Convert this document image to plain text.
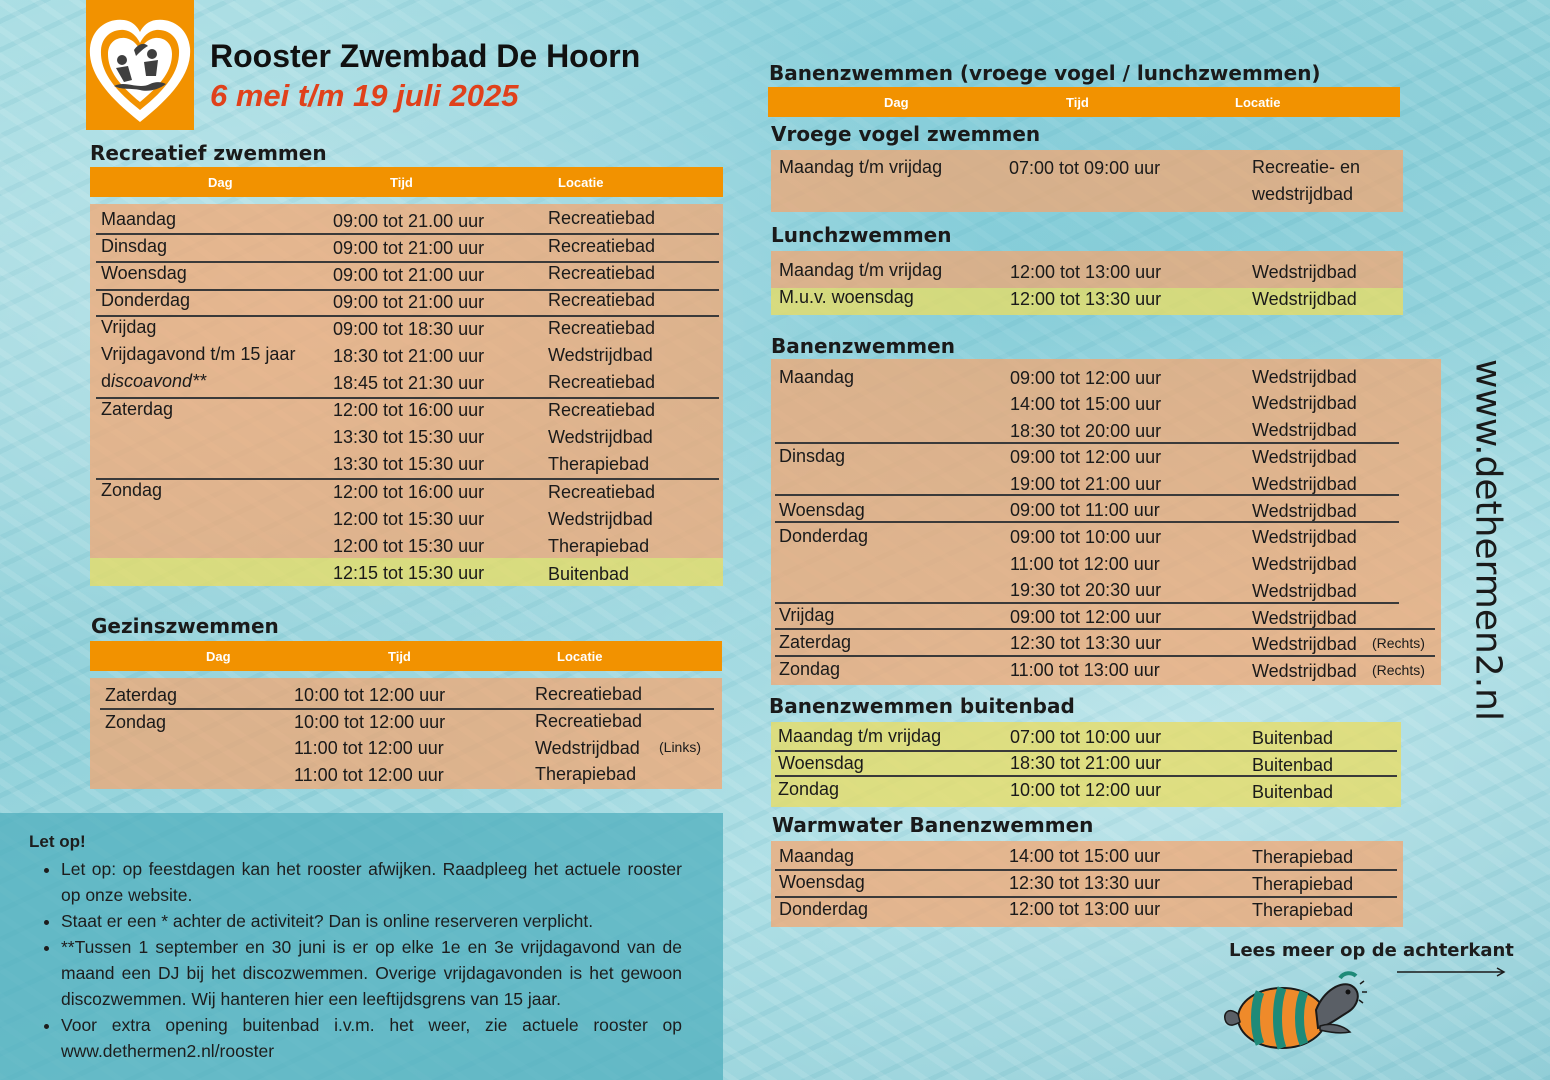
Rooster Zwembad De Hoorn
6 mei t/m 19 juli 2025
Recreatief zwemmen
Dag	Tijd	Locatie
Maandag	09:00 tot 21.00 uur	Recreatiebad
Dinsdag	09:00 tot 21:00 uur	Recreatiebad
Woensdag	09:00 tot 21:00 uur	Recreatiebad
Donderdag	09:00 tot 21:00 uur	Recreatiebad
Vrijdag	09:00 tot 18:30 uur	Recreatiebad
Vrijdagavond t/m 15 jaar 18:30 tot 21:00 uur	Wedstrijdbad
discoavond**	18:45 tot 21:30 uur	Recreatiebad
Zaterdag	12:00 tot 16:00 uur	Recreatiebad
13:30 tot 15:30 uur	Wedstrijdbad
13:30 tot 15:30 uur	Therapiebad
Zondag	12:00 tot 16:00 uur	Recreatiebad
12:00 tot 15:30 uur	Wedstrijdbad
12:00 tot 15:30 uur	Therapiebad
12:15 tot 15:30 uur	Buitenbad
Gezinszwemmen
Dag	Tijd	Locatie
Zaterdag	10:00 tot 12:00 uur	Recreatiebad
Zondag	10:00 tot 12:00 uur	Recreatiebad
11:00 tot 12:00 uur	Wedstrijdbad (Links)
11:00 tot 12:00 uur	Therapiebad
Let op!
• Let op: op feestdagen kan het rooster afwijken. Raadpleeg het actuele rooster op onze website.
• Staat er een * achter de activiteit? Dan is online reserveren verplicht.
• **Tussen 1 september en 30 juni is er op elke 1e en 3e vrijdagavond van de maand een DJ bij het discozwemmen. Overige vrijdagavonden is het gewoon discozwemmen. Wij hanteren hier een leeftijdsgrens van 15 jaar.
• Voor extra opening buitenbad i.v.m. het weer, zie actuele rooster op www.dethermen2.nl/rooster
Banenzwemmen (vroege vogel / lunchzwemmen)
Dag	Tijd	Locatie
Vroege vogel zwemmen
Maandag t/m vrijdag	07:00 tot 09:00 uur	Recreatie- en
wedstrijdbad
Lunchzwemmen
Maandag t/m vrijdag	12:00 tot 13:00 uur	Wedstrijdbad
M.u.v. woensdag	12:00 tot 13:30 uur	Wedstrijdbad
Banenzwemmen
Maandag	09:00 tot 12:00 uur	Wedstrijdbad
14:00 tot 15:00 uur	Wedstrijdbad
18:30 tot 20:00 uur	Wedstrijdbad
Dinsdag	09:00 tot 12:00 uur	Wedstrijdbad
19:00 tot 21:00 uur	Wedstrijdbad
Woensdag	09:00 tot 11:00 uur	Wedstrijdbad
Donderdag	09:00 tot 10:00 uur	Wedstrijdbad
11:00 tot 12:00 uur	Wedstrijdbad
19:30 tot 20:30 uur	Wedstrijdbad
Vrijdag	09:00 tot 12:00 uur	Wedstrijdbad
Zaterdag	12:30 tot 13:30 uur	Wedstrijdbad (Rechts)
Zondag	11:00 tot 13:00 uur	Wedstrijdbad (Rechts)
Banenzwemmen buitenbad
Maandag t/m vrijdag	07:00 tot 10:00 uur	Buitenbad
Woensdag	18:30 tot 21:00 uur	Buitenbad
Zondag	10:00 tot 12:00 uur	Buitenbad
Warmwater Banenzwemmen
Maandag	14:00 tot 15:00 uur	Therapiebad
Woensdag	12:30 tot 13:30 uur	Therapiebad
Donderdag	12:00 tot 13:00 uur	Therapiebad
www.dethermen2.nl
Lees meer op de achterkant
